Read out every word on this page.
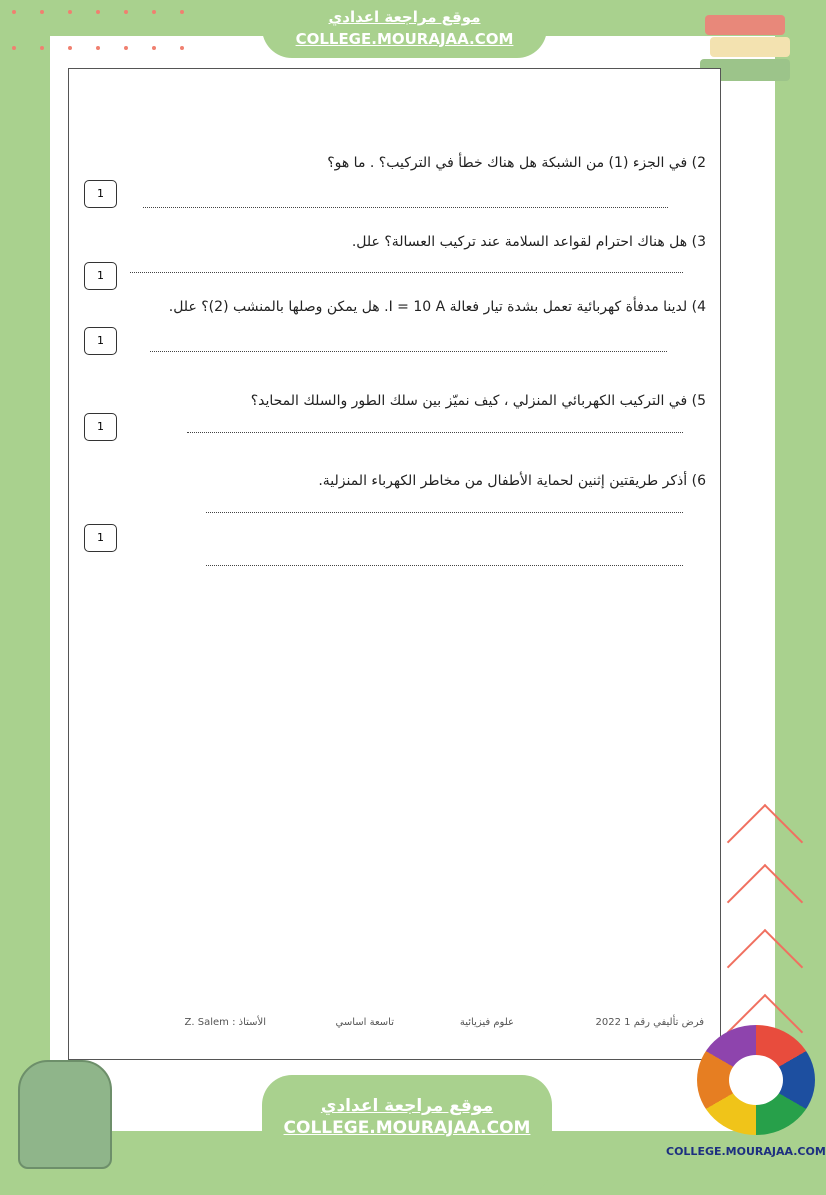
موقع مراجعة اعدادي
COLLEGE.MOURAJAA.COM
2) في الجزء (1) من الشبكة هل هناك خطأ في التركيب؟ . ما هو؟
1
3) هل هناك احترام لقواعد السلامة عند تركيب العسالة؟ علل.
1
4) لدينا مدفأة كهربائية تعمل بشدة تيار فعالة I = 10 A. هل يمكن وصلها بالمنشب (2)؟ علل.
1
5) في التركيب الكهربائي المنزلي ، كيف نميّز بين سلك الطور والسلك المحايد؟
1
6) أذكر طريقتين إثنين لحماية الأطفال من مخاطر الكهرباء المنزلية.
1
فرض تأليفي رقم 1 2022
علوم فيزيائية
تاسعة اساسي
الأستاذ : Z. Salem
موقع مراجعة اعدادي
COLLEGE.MOURAJAA.COM
COLLEGE.MOURAJAA.COM
